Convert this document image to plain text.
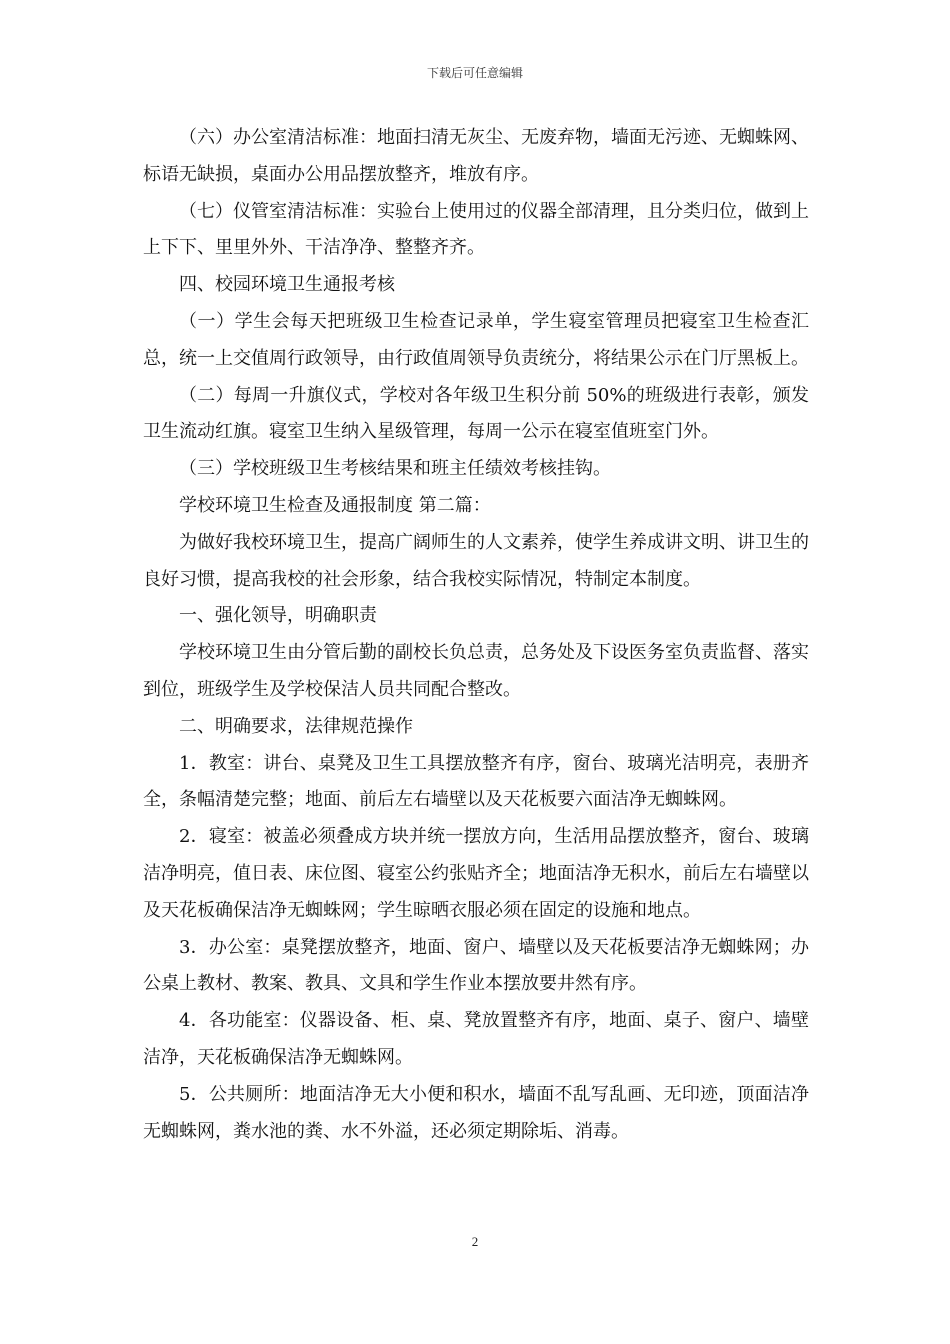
下载后可任意编辑

（六）办公室清洁标准：地面扫清无灰尘、无废弃物，墙面无污迹、无蜘蛛网、标语无缺损，桌面办公用品摆放整齐，堆放有序。

（七）仪管室清洁标准：实验台上使用过的仪器全部清理，且分类归位，做到上上下下、里里外外、干洁净净、整整齐齐。

四、校园环境卫生通报考核

（一）学生会每天把班级卫生检查记录单，学生寝室管理员把寝室卫生检查汇总，统一上交值周行政领导，由行政值周领导负责统分，将结果公示在门厅黑板上。

（二）每周一升旗仪式，学校对各年级卫生积分前 50%的班级进行表彰，颁发卫生流动红旗。寝室卫生纳入星级管理，每周一公示在寝室值班室门外。

（三）学校班级卫生考核结果和班主任绩效考核挂钩。

学校环境卫生检查及通报制度 第二篇：

为做好我校环境卫生，提高广阔师生的人文素养，使学生养成讲文明、讲卫生的良好习惯，提高我校的社会形象，结合我校实际情况，特制定本制度。

一、强化领导，明确职责

学校环境卫生由分管后勤的副校长负总责，总务处及下设医务室负责监督、落实到位，班级学生及学校保洁人员共同配合整改。

二、明确要求，法律规范操作

1．教室：讲台、桌凳及卫生工具摆放整齐有序，窗台、玻璃光洁明亮，表册齐全，条幅清楚完整；地面、前后左右墙壁以及天花板要六面洁净无蜘蛛网。

2．寝室：被盖必须叠成方块并统一摆放方向，生活用品摆放整齐，窗台、玻璃洁净明亮，值日表、床位图、寝室公约张贴齐全；地面洁净无积水，前后左右墙壁以及天花板确保洁净无蜘蛛网；学生晾晒衣服必须在固定的设施和地点。

3．办公室：桌凳摆放整齐，地面、窗户、墙壁以及天花板要洁净无蜘蛛网；办公桌上教材、教案、教具、文具和学生作业本摆放要井然有序。

4．各功能室：仪器设备、柜、桌、凳放置整齐有序，地面、桌子、窗户、墙壁洁净，天花板确保洁净无蜘蛛网。

5．公共厕所：地面洁净无大小便和积水，墙面不乱写乱画、无印迹，顶面洁净无蜘蛛网，粪水池的粪、水不外溢，还必须定期除垢、消毒。

2
